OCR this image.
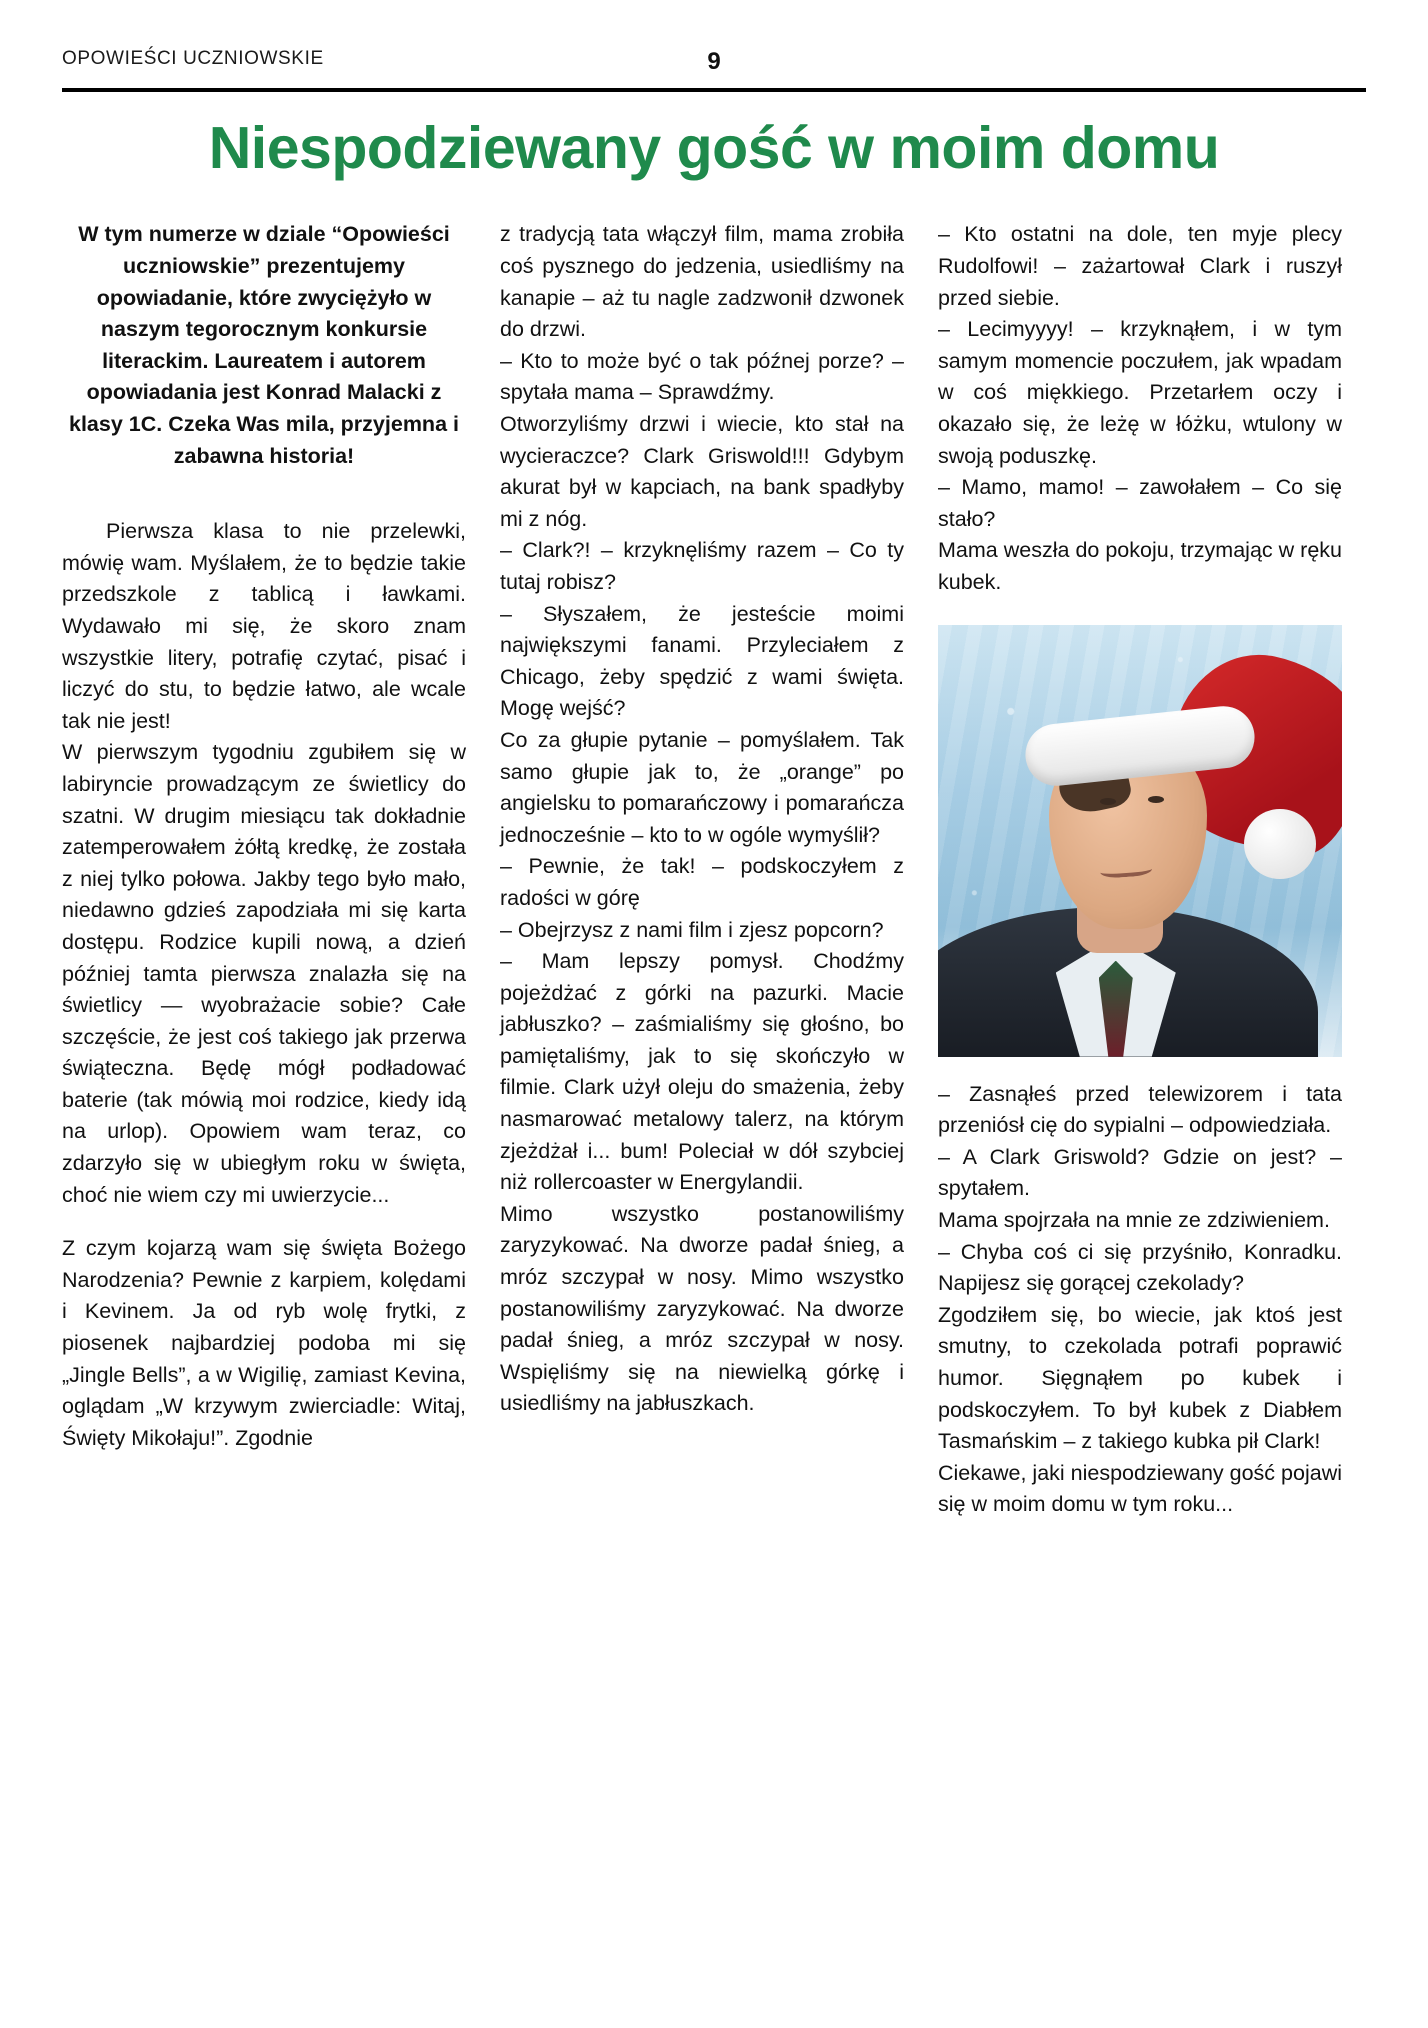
OPOWIEŚCI UCZNIOWSKIE	9
Niespodziewany gość w moim domu

W tym numerze w dziale “Opowieści uczniowskie” prezentujemy opowiadanie, które zwyciężyło w naszym tegorocznym konkursie literackim. Laureatem i autorem opowiadania jest Konrad Malacki z klasy 1C. Czeka Was mila, przyjemna i zabawna historia!

Pierwsza klasa to nie przelewki, mówię wam. Myślałem, że to będzie takie przedszkole z tablicą i ławkami. Wydawało mi się, że skoro znam wszystkie litery, potrafię czytać, pisać i liczyć do stu, to będzie łatwo, ale wcale tak nie jest!

W pierwszym tygodniu zgubiłem się w labiryncie prowadzącym ze świetlicy do szatni. W drugim miesiącu tak dokładnie zatemperowałem żółtą kredkę, że została z niej tylko połowa. Jakby tego było mało, niedawno gdzieś zapodziała mi się karta dostępu. Rodzice kupili nową, a dzień później tamta pierwsza znalazła się na świetlicy — wyobrażacie sobie? Całe szczęście, że jest coś takiego jak przerwa świąteczna. Będę mógł podładować baterie (tak mówią moi rodzice, kiedy idą na urlop). Opowiem wam teraz, co zdarzyło się w ubiegłym roku w święta, choć nie wiem czy mi uwierzycie...

Z czym kojarzą wam się święta Bożego Narodzenia? Pewnie z karpiem, kolędami i Kevinem. Ja od ryb wolę frytki, z piosenek najbardziej podoba mi się „Jingle Bells”, a w Wigilię, zamiast Kevina, oglądam „W krzywym zwierciadle: Witaj, Święty Mikołaju!”. Zgodnie

z tradycją tata włączył film, mama zrobiła coś pysznego do jedzenia, usiedliśmy na kanapie – aż tu nagle zadzwonił dzwonek do drzwi.

– Kto to może być o tak późnej porze? – spytała mama – Sprawdźmy.

Otworzyliśmy drzwi i wiecie, kto stał na wycieraczce? Clark Griswold!!! Gdybym akurat był w kapciach, na bank spadłyby mi z nóg.

– Clark?! – krzyknęliśmy razem – Co ty tutaj robisz?

– Słyszałem, że jesteście moimi największymi fanami. Przyleciałem z Chicago, żeby spędzić z wami święta. Mogę wejść?

Co za głupie pytanie – pomyślałem. Tak samo głupie jak to, że „orange” po angielsku to pomarańczowy i pomarańcza jednocześnie – kto to w ogóle wymyślił?

– Pewnie, że tak! – podskoczyłem z radości w górę

– Obejrzysz z nami film i zjesz popcorn?

– Mam lepszy pomysł. Chodźmy pojeżdżać z górki na pazurki. Macie jabłuszko? – zaśmialiśmy się głośno, bo pamiętaliśmy, jak to się skończyło w filmie. Clark użył oleju do smażenia, żeby nasmarować metalowy talerz, na którym zjeżdżał i... bum! Poleciał w dół szybciej niż rollercoaster w Energylandii.

Mimo wszystko postanowiliśmy zaryzykować. Na dworze padał śnieg, a mróz szczypał w nosy. Mimo wszystko postanowiliśmy zaryzykować. Na dworze padał śnieg, a mróz szczypał w nosy. Wspięliśmy się na niewielką górkę i usiedliśmy na jabłuszkach.

– Kto ostatni na dole, ten myje plecy Rudolfowi! – zażartował Clark i ruszył przed siebie.

– Lecimyyyy! – krzyknąłem, i w tym samym momencie poczułem, jak wpadam w coś miękkiego. Przetarłem oczy i okazało się, że leżę w łóżku, wtulony w swoją poduszkę.

– Mamo, mamo! – zawołałem – Co się stało?

Mama weszła do pokoju, trzymając w ręku kubek.

– Zasnąłeś przed telewizorem i tata przeniósł cię do sypialni – odpowiedziała.

– A Clark Griswold? Gdzie on jest? – spytałem.

Mama spojrzała na mnie ze zdziwieniem.

– Chyba coś ci się przyśniło, Konradku. Napijesz się gorącej czekolady?

Zgodziłem się, bo wiecie, jak ktoś jest smutny, to czekolada potrafi poprawić humor. Sięgnąłem po kubek i podskoczyłem. To był kubek z Diabłem Tasmańskim – z takiego kubka pił Clark!

Ciekawe, jaki niespodziewany gość pojawi się w moim domu w tym roku...
